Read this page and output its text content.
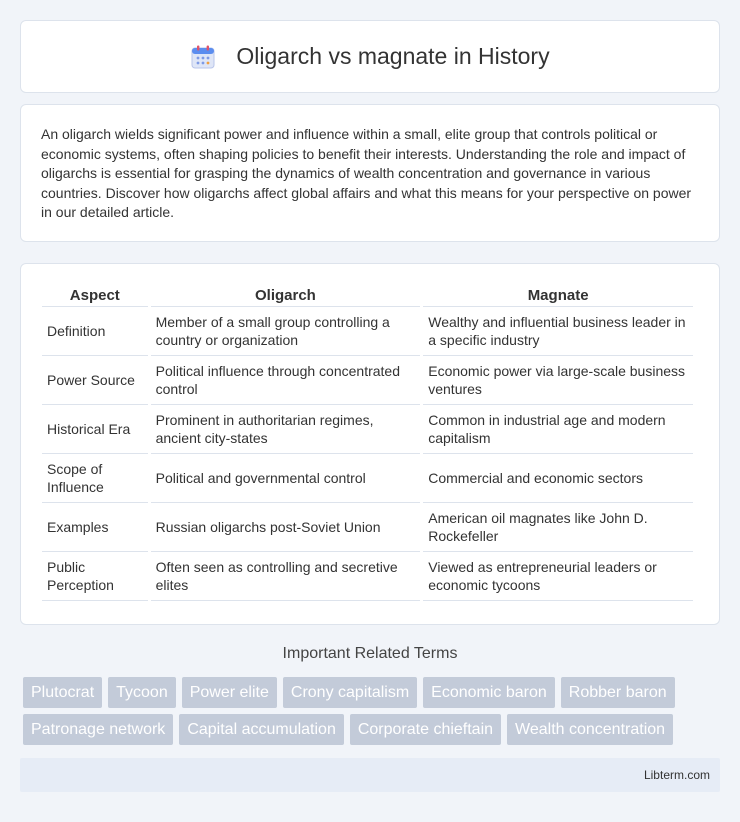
Oligarch vs magnate in History

An oligarch wields significant power and influence within a small, elite group that controls political or economic systems, often shaping policies to benefit their interests. Understanding the role and impact of oligarchs is essential for grasping the dynamics of wealth concentration and governance in various countries. Discover how oligarchs affect global affairs and what this means for your perspective on power in our detailed article.

Aspect	Oligarch	Magnate
Definition	Member of a small group controlling a country or organization	Wealthy and influential business leader in a specific industry
Power Source	Political influence through concentrated control	Economic power via large-scale business ventures
Historical Era	Prominent in authoritarian regimes, ancient city-states	Common in industrial age and modern capitalism
Scope of Influence	Political and governmental control	Commercial and economic sectors
Examples	Russian oligarchs post-Soviet Union	American oil magnates like John D. Rockefeller
Public Perception	Often seen as controlling and secretive elites	Viewed as entrepreneurial leaders or economic tycoons
Important Related Terms
Plutocrat	Tycoon	Power elite	Crony capitalism	Economic baron	Robber baron
Patronage network	Capital accumulation	Corporate chieftain	Wealth concentration
Libterm.com
